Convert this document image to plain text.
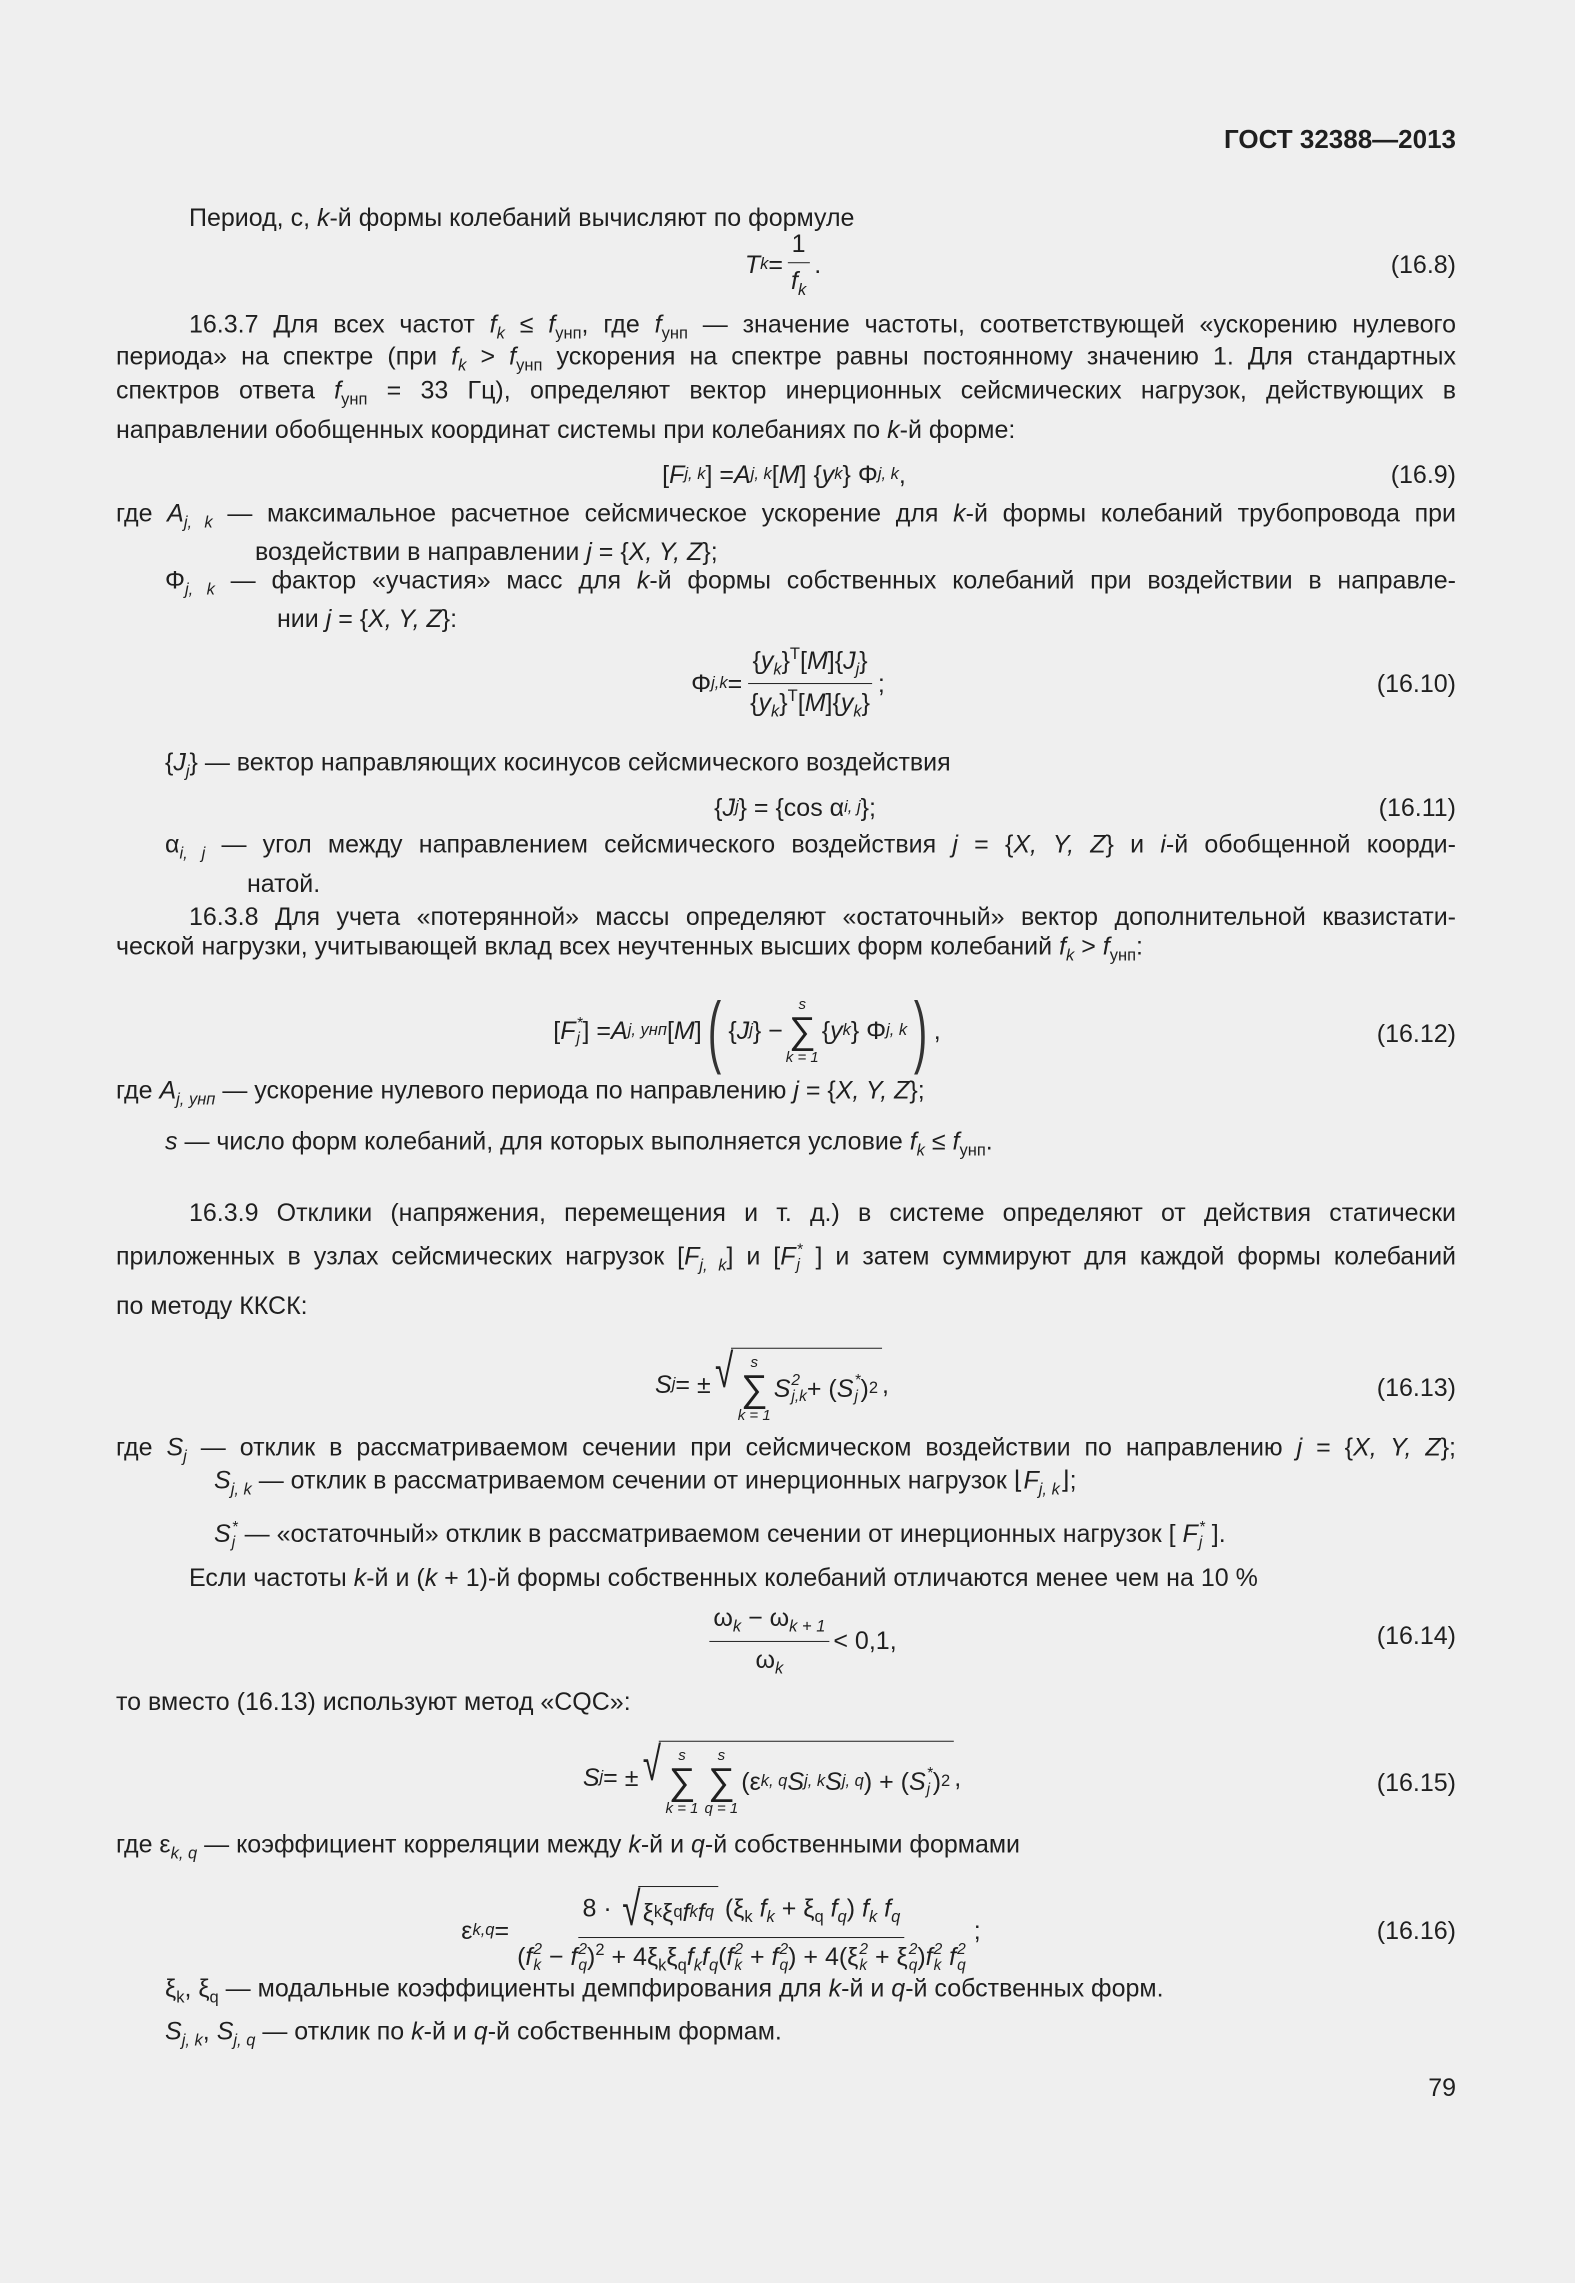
ГОСТ 32388—2013
Период, с, k-й формы колебаний вычисляют по формуле
T $k = \frac{1}{f_k}$ .	(16.8)
16.3.7 Для всех частот $f_k \le f_{унп}$, где $f_{унп}$ — значение частоты, соответствующей «ускорению нулевого
периода» на спектре (при $f_k > f_{унп}$ ускорения на спектре равны постоянному значению 1. Для стандартных
спектров ответа $f_{унп} = 33$ Гц), определяют вектор инерционных сейсмических нагрузок, действующих в
направлении обобщенных координат системы при колебаниях по k-й форме:
[ F j, k ] = A j, k [ M ] { y k } Φ j, k ,	(16.9)
где $A_{j, k}$ — максимальное расчетное сейсмическое ускорение для k-й формы колебаний трубопровода при
воздействии в направлении j = {X, Y, Z};
$\Phi_{j, k}$ — фактор «участия» масс для k-й формы собственных колебаний при воздействии в направле-
нии j = {X, Y, Z}:
Φ $j,k = \frac{\{y_k\}^T[M]\{J_j\}}{\{y_k\}^T[M]\{y_k\}}$ ;	(16.10)
$\{J_j\}$ — вектор направляющих косинусов сейсмического воздействия
{ J j } = {cos α i, j };	(16.11)
$\alpha_{i, j}$ — угол между направлением сейсмического воздействия j = {X, Y, Z} и i-й обобщенной коорди-
натой.
16.3.8 Для учета «потерянной» массы определяют «остаточный» вектор дополнительной квазистати-
ческой нагрузки, учитывающей вклад всех неучтенных высших форм колебаний $f_k > f_{унп}$:
[ F *
j ] = A j, унп [ M ] ( { J j } −
s
∑
k = 1
{ y k } Φ j, k ) ,	(16.12)
где $A_{j, унп}$ — ускорение нулевого периода по направлению j = {X, Y, Z};
s — число форм колебаний, для которых выполняется условие $f_k \le f_{унп}$.
16.3.9 Отклики (напряжения, перемещения и т. д.) в системе определяют от действия статически
приложенных в узлах сейсмических нагрузок $[F_{j, k}]$ и [F *
j ] и затем суммируют для каждой формы колебаний
по методу ККСК:
S j = ± √ s
∑
k = 1
S 2
j,k + ( S *
j ) 2 ,	(16.13)
где $S_j$ — отклик в рассматриваемом сечении при сейсмическом воздействии по направлению j = {X, Y, Z};
$S_{j, k}$ — отклик в рассматриваемом сечении от инерционных нагрузок $⌊F_{j, k}⌋$;
S *
j — «остаточный» отклик в рассматриваемом сечении от инерционных нагрузок [ F *
j ].
Если частоты k-й и (k + 1)-й формы собственных колебаний отличаются менее чем на 10 %
$\frac{\omega_k - \omega_{k + 1}}{\omega_k} < 0,1$,	(16.14)
то вместо (16.13) используют метод «CQC»:
S j = ± √ s
∑
k = 1
s
∑
q = 1
(ε k, q S j, k S j, q ) + ( S *
j ) 2 ,	(16.15)
где $\varepsilon_{k, q}$ — коэффициент корреляции между k-й и q-й собственными формами
ε k,q = 8 · √ ξ k ξ q f k f q ($\xi_k$ $f_k + \xi_q$ $f_q$) $f_k$ $f_q$
(f 2
k − f 2
q )$^2 + 4\xi_k\xi_qf_kf_q(f$ 2
k + f 2
q ) + 4(ξ 2
k + ξ 2
q )f 2
k f 2
q ;	(16.16)
$\xi_k$, $\xi_q$ — модальные коэффициенты демпфирования для k-й и q-й собственных форм.
$S_{j, k}$, $S_{j, q}$ — отклик по k-й и q-й собственным формам.
79
